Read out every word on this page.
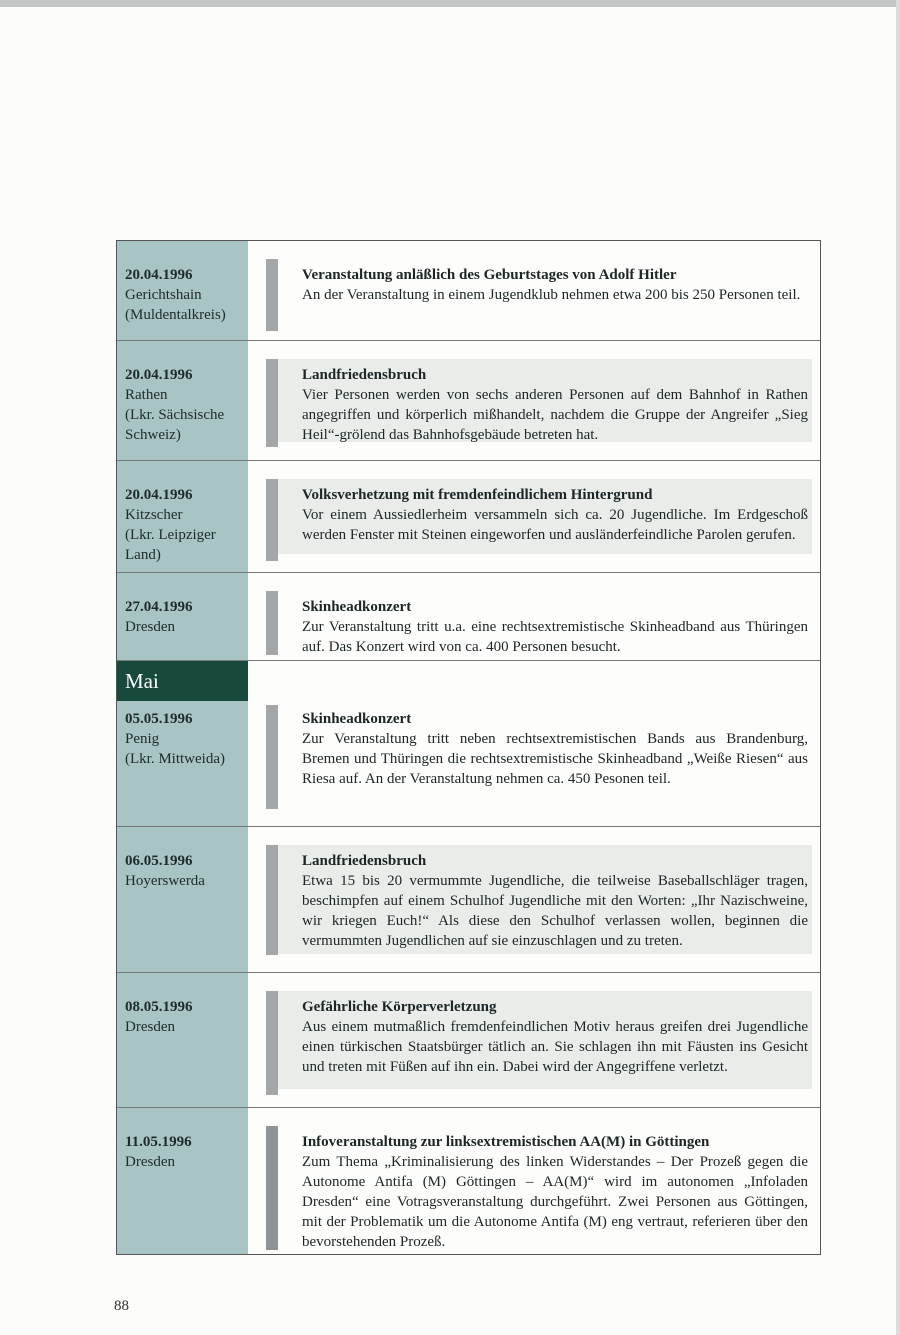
20.04.1996
Gerichtshain
(Muldentalkreis)
Veranstaltung anläßlich des Geburtstages von Adolf Hitler
An der Veranstaltung in einem Jugendklub nehmen etwa 200 bis 250 Personen teil.
20.04.1996
Rathen
(Lkr. Sächsische
Schweiz)
Landfriedensbruch
Vier Personen werden von sechs anderen Personen auf dem Bahnhof in Rathen angegriffen und körperlich mißhandelt, nachdem die Gruppe der Angreifer „Sieg Heil“-grölend das Bahnhofsgebäude betreten hat.
20.04.1996
Kitzscher
(Lkr. Leipziger
Land)
Volksverhetzung mit fremdenfeindlichem Hintergrund
Vor einem Aussiedlerheim versammeln sich ca. 20 Jugendliche. Im Erdgeschoß werden Fenster mit Steinen eingeworfen und ausländerfeindliche Parolen gerufen.
27.04.1996
Dresden
Skinheadkonzert
Zur Veranstaltung tritt u.a. eine rechtsextremistische Skinheadband aus Thüringen auf. Das Konzert wird von ca. 400 Personen besucht.
Mai
05.05.1996
Penig
(Lkr. Mittweida)
Skinheadkonzert
Zur Veranstaltung tritt neben rechtsextremistischen Bands aus Brandenburg, Bremen und Thüringen die rechtsextremistische Skinheadband „Weiße Riesen“ aus Riesa auf. An der Veranstaltung nehmen ca. 450 Pesonen teil.
06.05.1996
Hoyerswerda
Landfriedensbruch
Etwa 15 bis 20 vermummte Jugendliche, die teilweise Baseballschläger tragen, beschimpfen auf einem Schulhof Jugendliche mit den Worten: „Ihr Nazischweine, wir kriegen Euch!“ Als diese den Schulhof verlassen wollen, beginnen die vermummten Jugendlichen auf sie einzuschlagen und zu treten.
08.05.1996
Dresden
Gefährliche Körperverletzung
Aus einem mutmaßlich fremdenfeindlichen Motiv heraus greifen drei Jugendliche einen türkischen Staatsbürger tätlich an. Sie schlagen ihn mit Fäusten ins Gesicht und treten mit Füßen auf ihn ein. Dabei wird der Angegriffene verletzt.
11.05.1996
Dresden
Infoveranstaltung zur linksextremistischen AA(M) in Göttingen
Zum Thema „Kriminalisierung des linken Widerstandes – Der Prozeß gegen die Autonome Antifa (M) Göttingen – AA(M)“ wird im autonomen „Infoladen Dresden“ eine Votragsveranstaltung durchgeführt. Zwei Personen aus Göttingen, mit der Problematik um die Autonome Antifa (M) eng vertraut, referieren über den bevorstehenden Prozeß.
88
